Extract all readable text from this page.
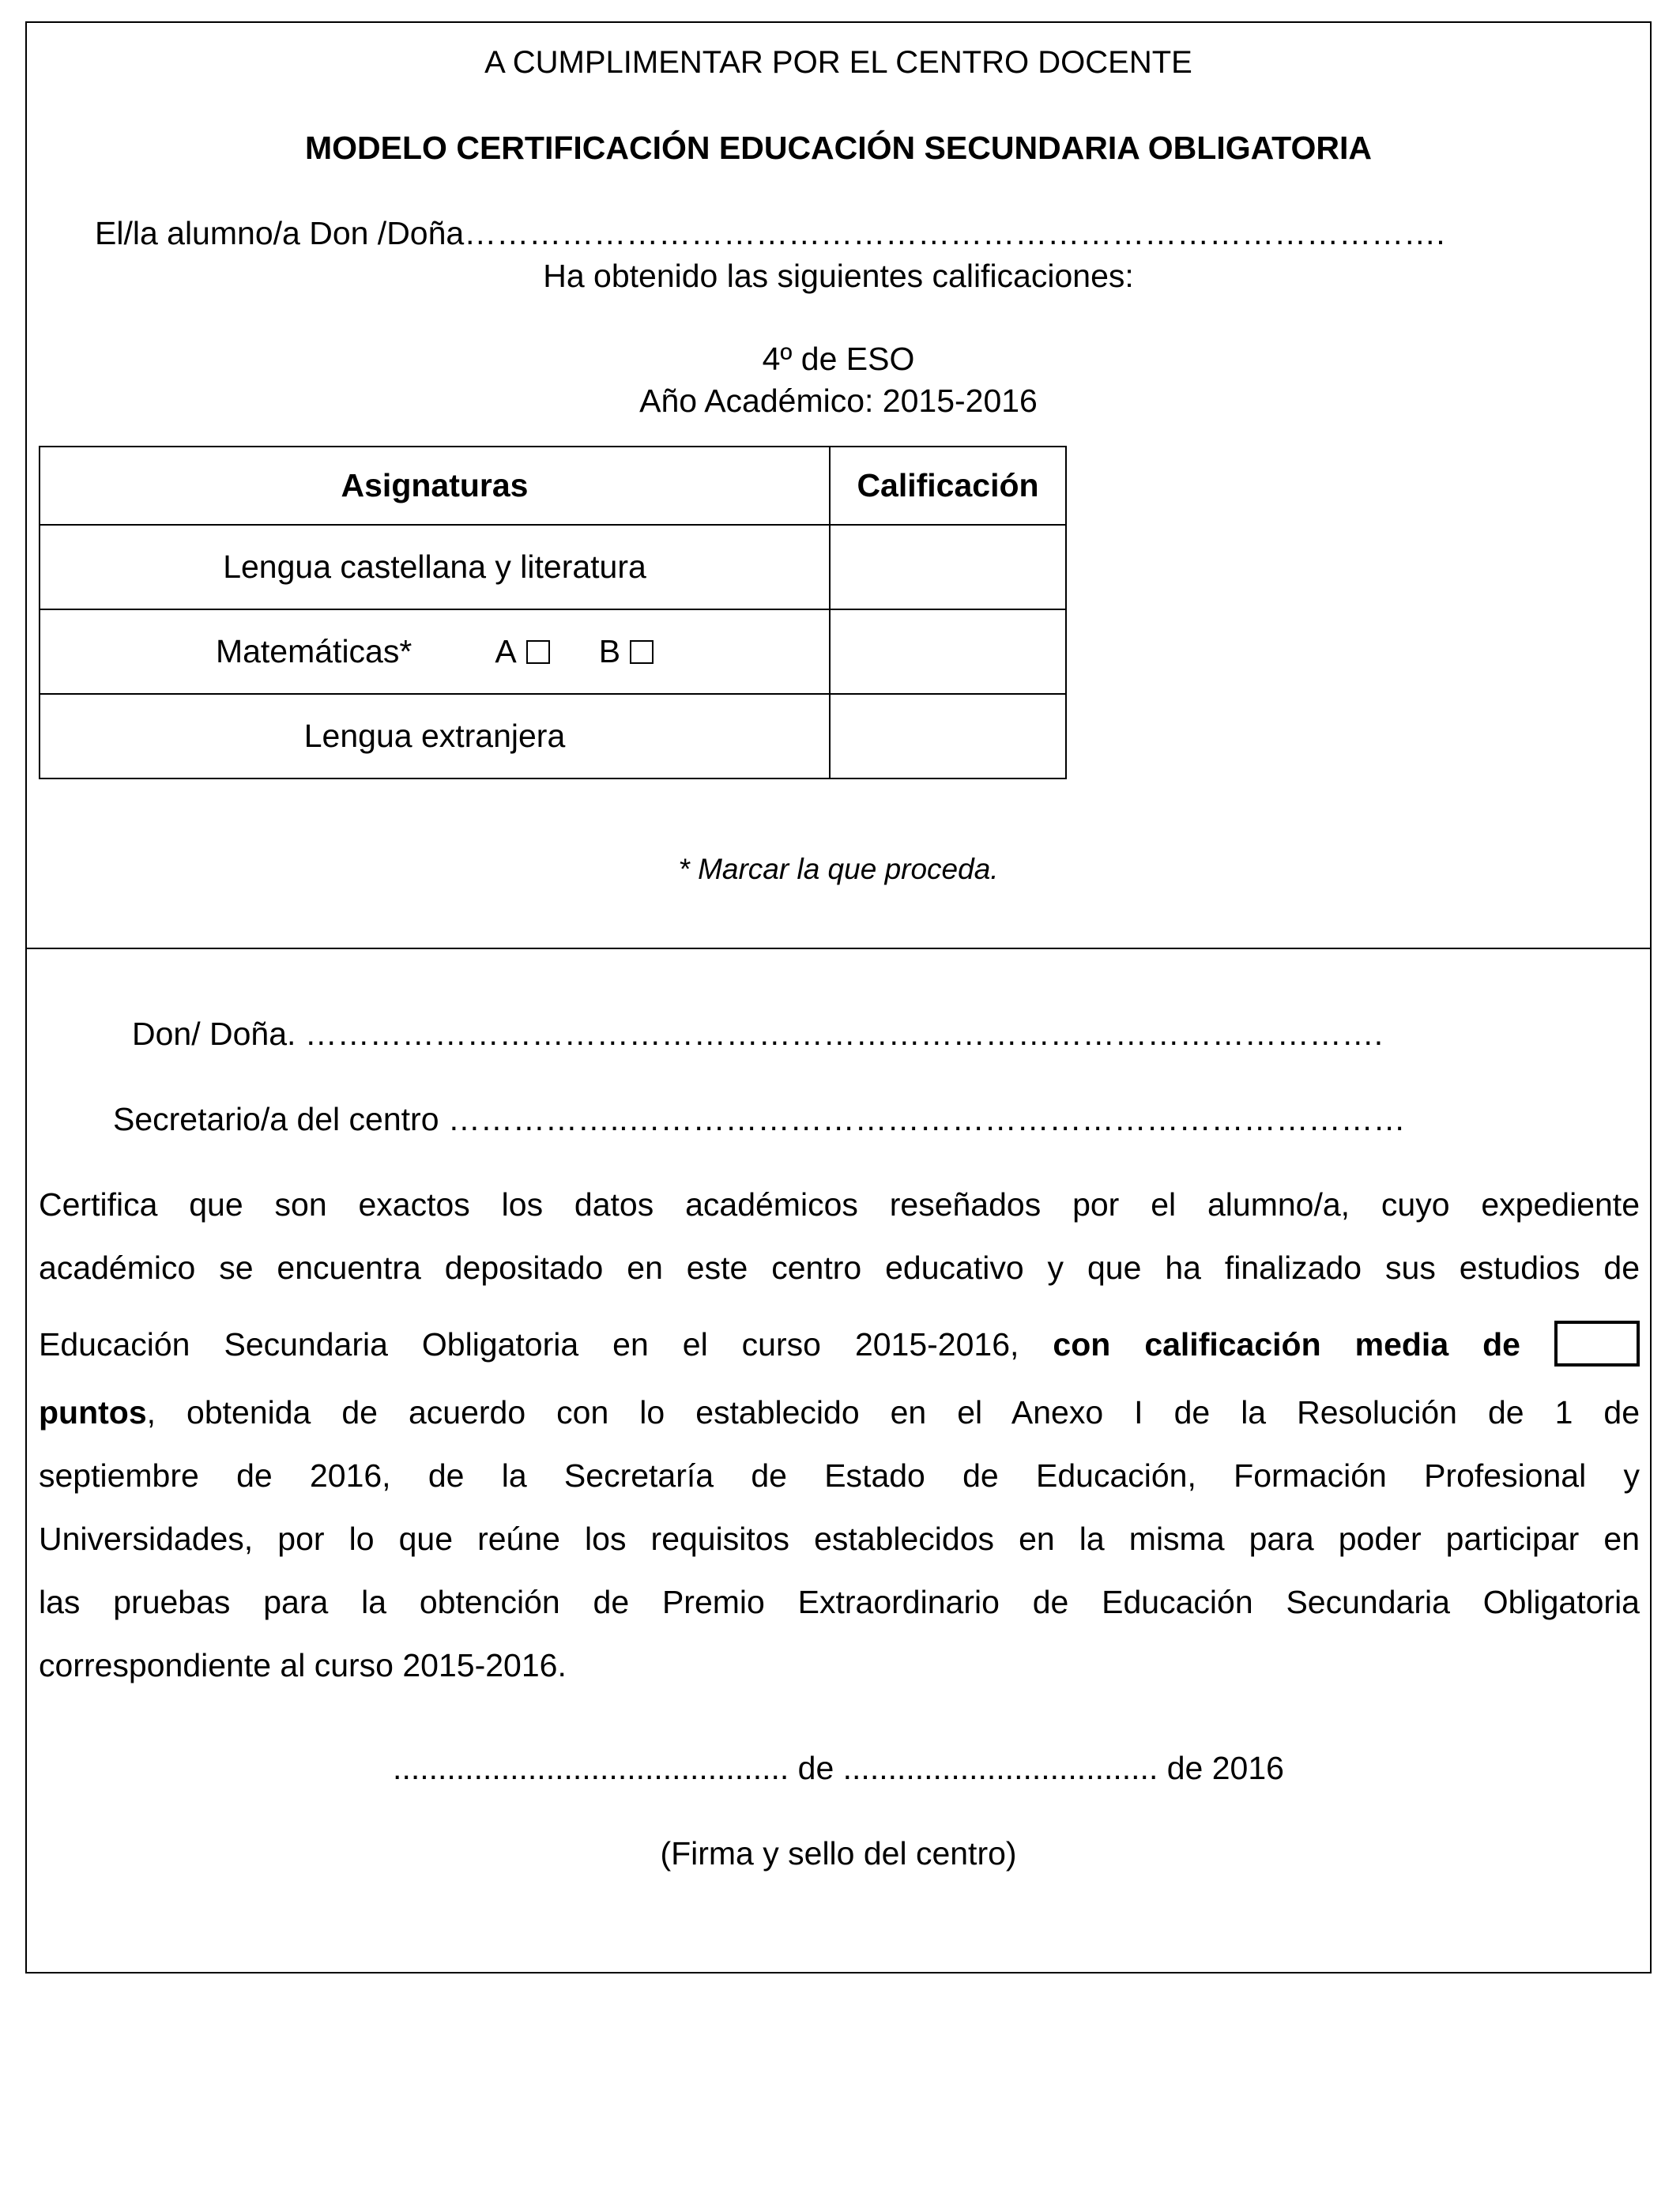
A CUMPLIMENTAR POR EL CENTRO DOCENTE
MODELO CERTIFICACIÓN EDUCACIÓN SECUNDARIA OBLIGATORIA
El/la alumno/a Don /Doña……………………………………………………………………………….
Ha obtenido las siguientes calificaciones:
4º de ESO
Año Académico: 2015-2016
Asignaturas	Calificación
Lengua castellana y literatura	
Matemáticas* A B	
Lengua extranjera	
* Marcar la que proceda.
Don/ Doña. ……………………………………………………………………………………….
Secretario/a del centro ……………..………………………………………………………………
Certifica que son exactos los datos académicos reseñados por el alumno/a, cuyo expediente
académico se encuentra depositado en este centro educativo y que ha finalizado sus estudios de
Educación Secundaria Obligatoria en el curso 2015-2016, con calificación media de
puntos, obtenida de acuerdo con lo establecido en el Anexo I de la Resolución de 1 de
septiembre de 2016, de la Secretaría de Estado de Educación, Formación Profesional y
Universidades, por lo que reúne los requisitos establecidos en la misma para poder participar en
las pruebas para la obtención de Premio Extraordinario de Educación Secundaria Obligatoria
correspondiente al curso 2015-2016.
............................................ de ................................... de 2016
(Firma y sello del centro)
